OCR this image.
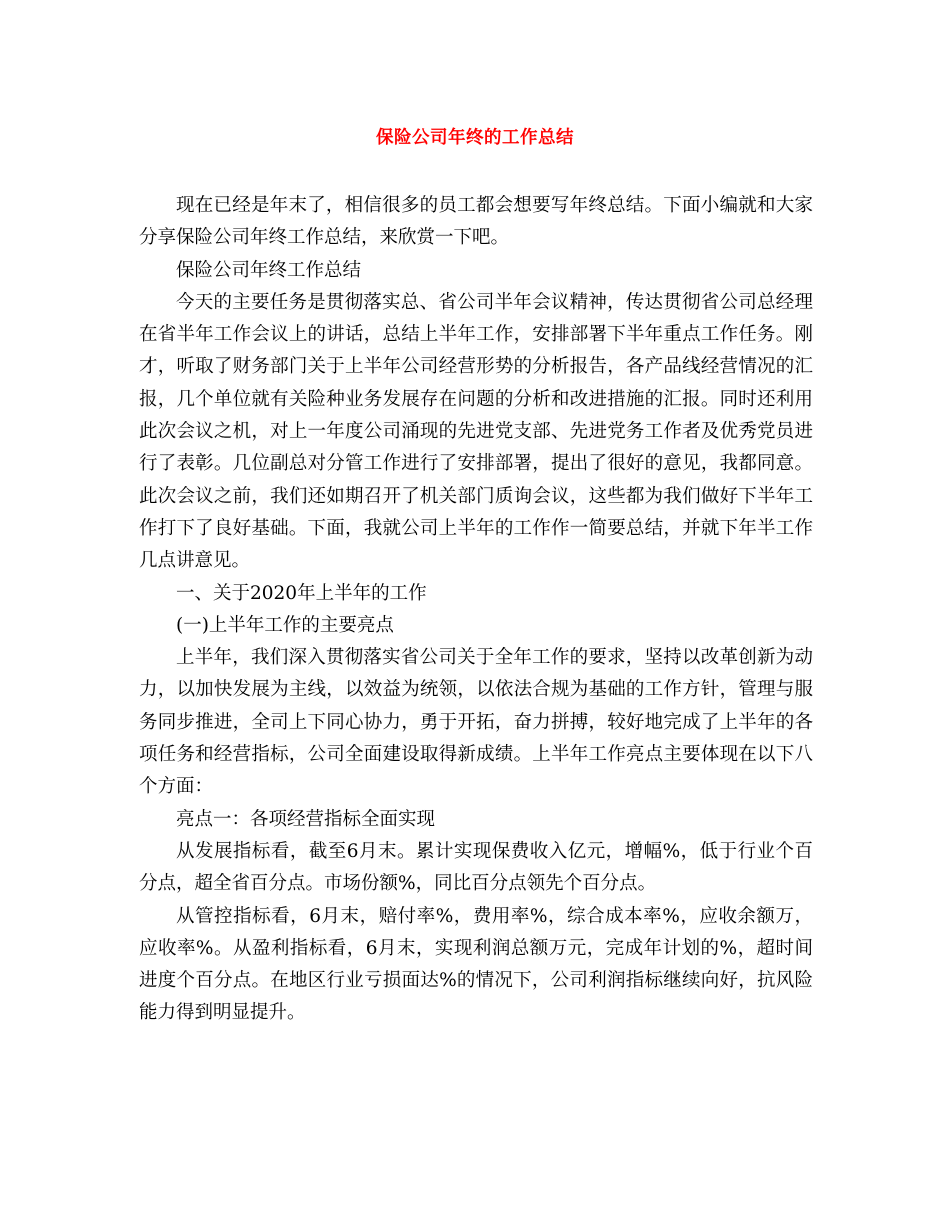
保险公司年终的工作总结

现在已经是年末了，相信很多的员工都会想要写年终总结。下面小编就和大家分享保险公司年终工作总结，来欣赏一下吧。

保险公司年终工作总结

今天的主要任务是贯彻落实总、省公司半年会议精神，传达贯彻省公司总经理在省半年工作会议上的讲话，总结上半年工作，安排部署下半年重点工作任务。刚才，听取了财务部门关于上半年公司经营形势的分析报告，各产品线经营情况的汇报，几个单位就有关险种业务发展存在问题的分析和改进措施的汇报。同时还利用此次会议之机，对上一年度公司涌现的先进党支部、先进党务工作者及优秀党员进行了表彰。几位副总对分管工作进行了安排部署，提出了很好的意见，我都同意。此次会议之前，我们还如期召开了机关部门质询会议，这些都为我们做好下半年工作打下了良好基础。下面，我就公司上半年的工作作一简要总结，并就下年半工作几点讲意见。

一、关于2020年上半年的工作

(一)上半年工作的主要亮点

上半年，我们深入贯彻落实省公司关于全年工作的要求，坚持以改革创新为动力，以加快发展为主线，以效益为统领，以依法合规为基础的工作方针，管理与服务同步推进，全司上下同心协力，勇于开拓，奋力拼搏，较好地完成了上半年的各项任务和经营指标，公司全面建设取得新成绩。上半年工作亮点主要体现在以下八个方面：

亮点一：各项经营指标全面实现

从发展指标看，截至6月末。累计实现保费收入亿元，增幅%，低于行业个百分点，超全省百分点。市场份额%，同比百分点领先个百分点。

从管控指标看，6月末，赔付率%，费用率%，综合成本率%，应收余额万，应收率%。从盈利指标看，6月末，实现利润总额万元，完成年计划的%，超时间进度个百分点。在地区行业亏损面达%的情况下，公司利润指标继续向好，抗风险能力得到明显提升。
